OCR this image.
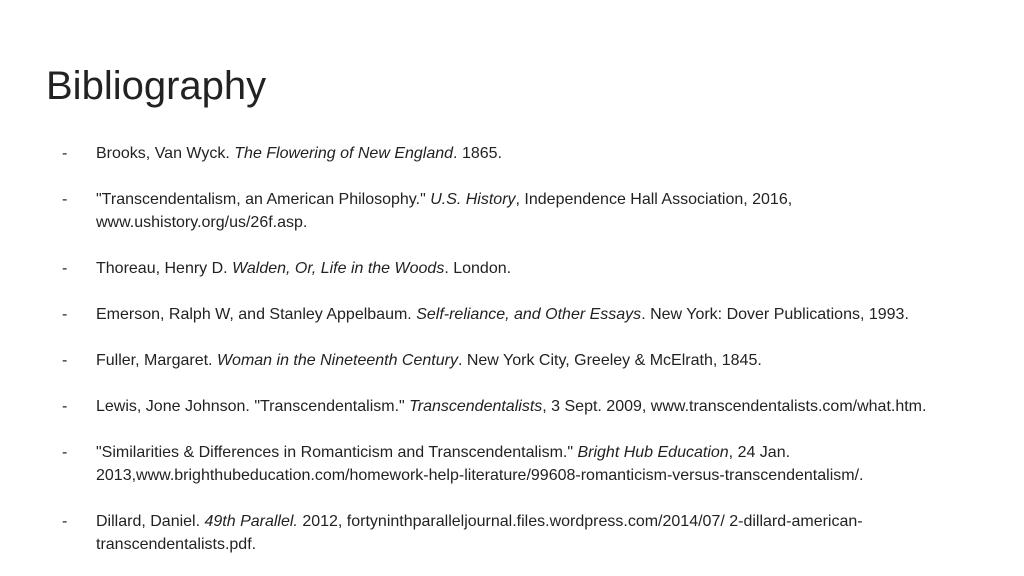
Bibliography
- Brooks, Van Wyck. The Flowering of New England. 1865.
- "Transcendentalism, an American Philosophy." U.S. History, Independence Hall Association, 2016, www.ushistory.org/us/26f.asp.
- Thoreau, Henry D. Walden, Or, Life in the Woods. London.
- Emerson, Ralph W, and Stanley Appelbaum. Self-reliance, and Other Essays. New York: Dover Publications, 1993.
- Fuller, Margaret. Woman in the Nineteenth Century. New York City, Greeley & McElrath, 1845.
- Lewis, Jone Johnson. "Transcendentalism." Transcendentalists, 3 Sept. 2009, www.transcendentalists.com/what.htm.
- "Similarities & Differences in Romanticism and Transcendentalism." Bright Hub Education, 24 Jan. 2013,www.brighthubeducation.com/homework-help-literature/99608-romanticism-versus-transcendentalism/.
- Dillard, Daniel. 49th Parallel. 2012, fortyninthparalleljournal.files.wordpress.com/2014/07/ 2-dillard-american-transcendentalists.pdf.
